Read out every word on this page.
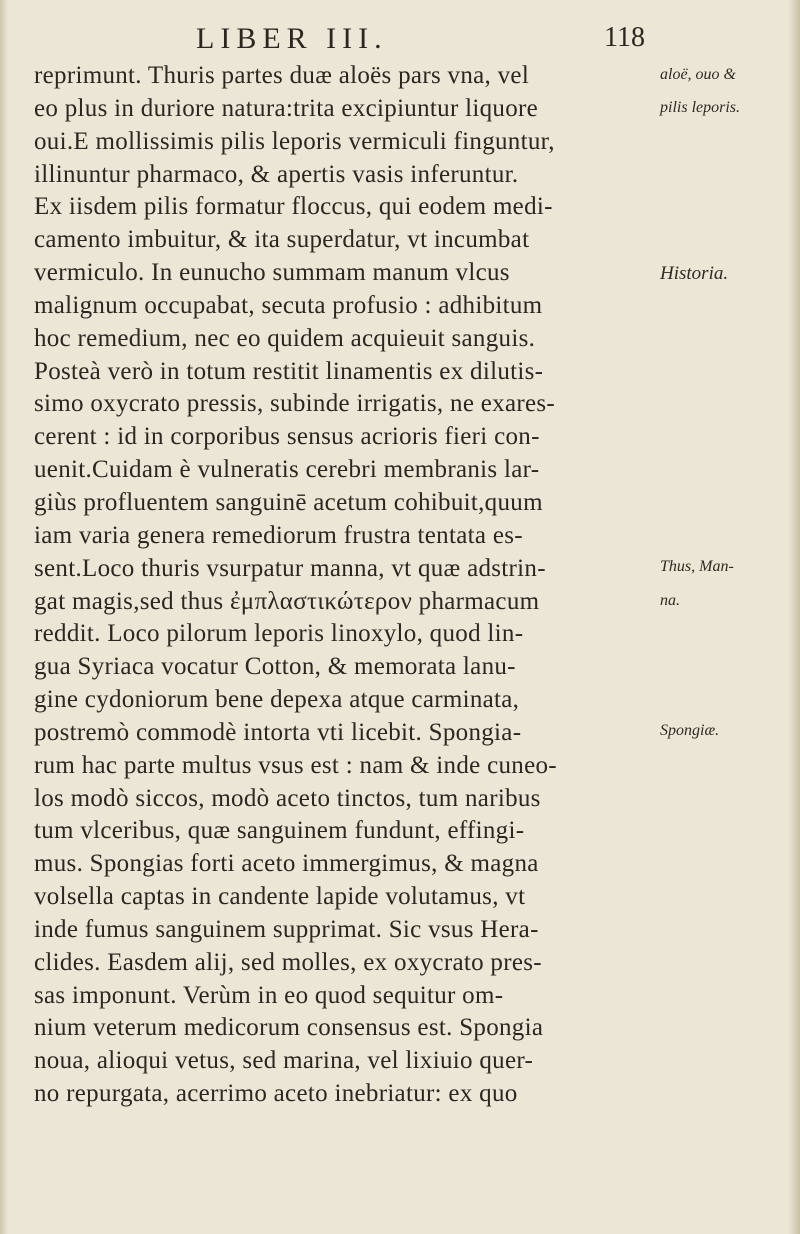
LIBER III.	118
reprimunt. Thuris partes duæ aloës pars vna, vel
eo plus in duriore natura:trita excipiuntur liquore
oui.E mollissimis pilis leporis vermiculi finguntur,
illinuntur pharmaco, & apertis vasis inferuntur.
Ex iisdem pilis formatur floccus, qui eodem medi-
camento imbuitur, & ita superdatur, vt incumbat
vermiculo. In eunucho summam manum vlcus
malignum occupabat, secuta profusio : adhibitum
hoc remedium, nec eo quidem acquieuit sanguis.
Posteà verò in totum restitit linamentis ex dilutis-
simo oxycrato pressis, subinde irrigatis, ne exares-
cerent : id in corporibus sensus acrioris fieri con-
uenit.Cuidam è vulneratis cerebri membranis lar-
giùs profluentem sanguinē acetum cohibuit,quum
iam varia genera remediorum frustra tentata es-
sent.Loco thuris vsurpatur manna, vt quæ adstrin-
gat magis,sed thus ἐμπλαστικώτερον pharmacum
reddit. Loco pilorum leporis linoxylo, quod lin-
gua Syriaca vocatur Cotton, & memorata lanu-
gine cydoniorum bene depexa atque carminata,
postremò commodè intorta vti licebit. Spongia-
rum hac parte multus vsus est : nam & inde cuneo-
los modò siccos, modò aceto tinctos, tum naribus
tum vlceribus, quæ sanguinem fundunt, effingi-
mus. Spongias forti aceto immergimus, & magna
volsella captas in candente lapide volutamus, vt
inde fumus sanguinem supprimat. Sic vsus Hera-
clides. Easdem alij, sed molles, ex oxycrato pres-
sas imponunt. Verùm in eo quod sequitur om-
nium veterum medicorum consensus est. Spongia
noua, alioqui vetus, sed marina, vel lixiuio quer-
no repurgata, acerrimo aceto inebriatur: ex quo
aloë, ouo &
pilis leporis.
Historia.
Thus, Man-
na.
Spongiæ.
